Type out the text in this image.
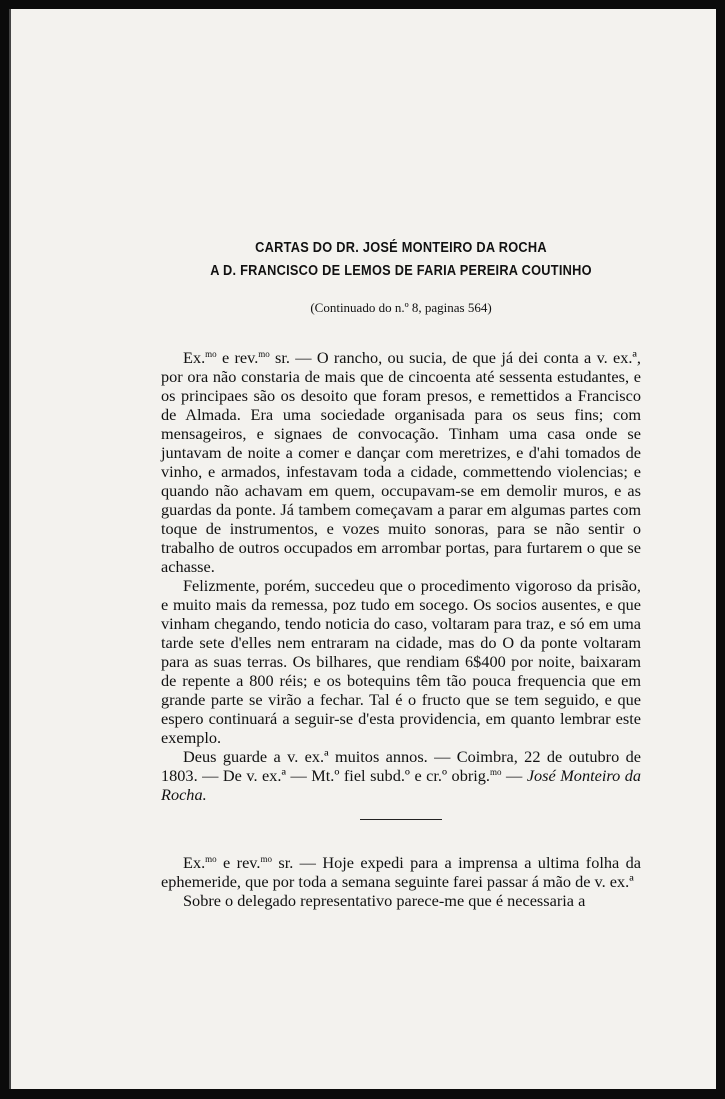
CARTAS DO DR. JOSÉ MONTEIRO DA ROCHA
A D. FRANCISCO DE LEMOS DE FARIA PEREIRA COUTINHO
(Continuado do n.º 8, paginas 564)

Ex.$^{mo}$ e rev.$^{mo}$ sr. — O rancho, ou sucia, de que já dei conta a v. ex.ª, por ora não constaria de mais que de cincoenta até sessenta estudantes, e os principaes são os desoito que foram presos, e remettidos a Francisco de Almada. Era uma sociedade organisada para os seus fins; com mensageiros, e signaes de convocação. Tinham uma casa onde se juntavam de noite a comer e dançar com meretrizes, e d'ahi tomados de vinho, e armados, infestavam toda a cidade, commettendo violencias; e quando não achavam em quem, occupavam-se em demolir muros, e as guardas da ponte. Já tambem começavam a parar em algumas partes com toque de instrumentos, e vozes muito sonoras, para se não sentir o trabalho de outros occupados em arrombar portas, para furtarem o que se achasse.

Felizmente, porém, succedeu que o procedimento vigoroso da prisão, e muito mais da remessa, poz tudo em socego. Os socios ausentes, e que vinham chegando, tendo noticia do caso, voltaram para traz, e só em uma tarde sete d'elles nem entraram na cidade, mas do O da ponte voltaram para as suas terras. Os bilhares, que rendiam 6$400 por noite, baixaram de repente a 800 réis; e os botequins têm tão pouca frequencia que em grande parte se virão a fechar. Tal é o fructo que se tem seguido, e que espero continuará a seguir-se d'esta providencia, em quanto lembrar este exemplo.

Deus guarde a v. ex.ª muitos annos. — Coimbra, 22 de outubro de 1803. — De v. ex.ª — Mt.º fiel subd.º e cr.º obrig.$^{mo}$ — José Monteiro da Rocha.

Ex.$^{mo}$ e rev.$^{mo}$ sr. — Hoje expedi para a imprensa a ultima folha da ephemeride, que por toda a semana seguinte farei passar á mão de v. ex.ª

Sobre o delegado representativo parece-me que é necessaria a
